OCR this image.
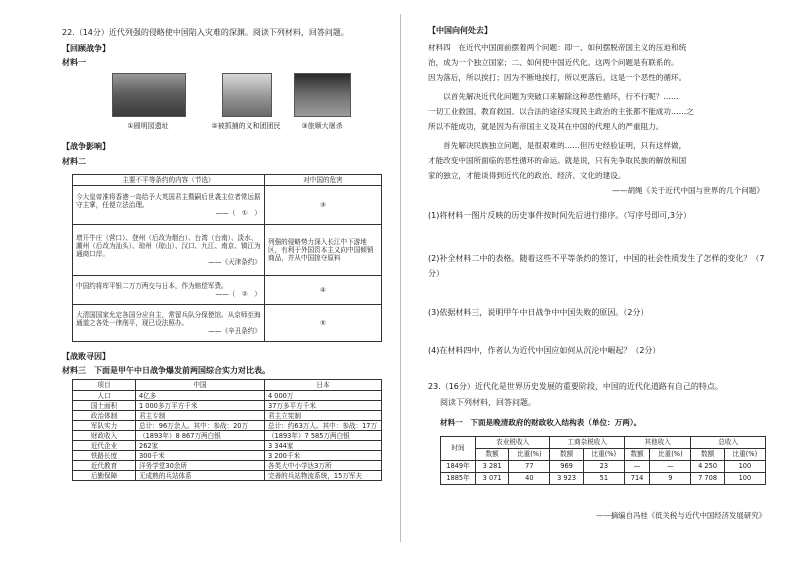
22.（14分）近代列强的侵略使中国陷入灾难的深渊。阅读下列材料，回答问题。
【回顾战争】
材料一
①圆明园遗址	②被抓捕的义和团团民	③旅顺大屠杀
【战争影响】
材料二
主要不平等条约的内容（节选）	对中国的危害
今大皇帝准将香港一岛给予大英国君主暨嗣后世袭主位者常远据守主掌，任便立法治理。
——（　①　）	③
增开牛庄（营口）、登州（后改为烟台）、台湾（台南）、淡水、潮州（后改为汕头）、琼州（琼山）、汉口、九江、南京、镇江为通商口岸。
——《天津条约》	列强的侵略势力深入长江中下游地区，有利于外国资本主义向中国倾销商品，并从中国掠夺原料
中国约将库平银二万万两交与日本，作为赔偿军费。
——（　②　）	④
大清国国家允定各国分应自主，常留兵队分保使馆。从京师至海通道之各处一律削平，现已设法照办。
——《辛丑条约》	⑤
【战败寻因】
材料三　下面是甲午中日战争爆发前两国综合实力对比表。
项目	中国	日本
人口	4亿多	4 000万
国土面积	1 000多万平方千米	37万多平方千米
政治体制	君主专制	君主立宪制
军队实力	总计：96万余人。其中：参战：20万	总计：约63万人。其中：参战：17万
财政收入	（1893年）8 867万两白银	（1893年）7 585万两白银
近代企业	262家	3 344家
铁路长度	300千米	3 200千米
近代教育	洋务学堂30余所	各类大中小学达3万所
后勤保障	无成熟的兵站体系	完善的兵站物流系统，15万军夫
【中国向何处去】
材料四　在近代中国面前摆着两个问题：即一、如何摆脱帝国主义的压迫和统
治，成为一个独立国家；二、如何使中国近代化。这两个问题是有联系的。
因为落后，所以挨打；因为不断地挨打，所以更落后。这是一个恶性的循环。
　　以首先解决近代化问题为突破口来解除这种恶性循环，行不行呢？……
一切工业救国、教育救国、以合法的途径实现民主政治的主张都不能成功……之
所以不能成功，就是因为有帝国主义及其在中国的代理人的严重阻力。
　　首先解决民族独立问题，是很艰难的……但历史经验证明，只有这样做，
才能改变中国所面临的恶性循环的命运。就是说，只有先争取民族的解放和国
家的独立，才能谈得到近代化的政治、经济、文化的建设。
——胡绳《关于近代中国与世界的几个问题》
(1)将材料一图片反映的历史事件按时间先后进行排序。（写序号即可,3分）
(2)补全材料二中的表格。随着这些不平等条约的签订，中国的社会性质发生了怎样的变化？（7分）
(3)依据材料三，说明甲午中日战争中中国失败的原因。（2分）
(4)在材料四中，作者认为近代中国应如何从沉沦中崛起？（2分）
23.（16分）近代化是世界历史发展的重要阶段，中国的近代化道路有自己的特点。
阅读下列材料，回答问题。
材料一　下面是晚清政府的财政收入结构表（单位：万两）。
时间	农业税收入		工商杂税收入		其他收入		总收入	
	数额	比重(%)	数额	比重(%)	数额	比重(%)	数额	比重(%)
1849年	3 281	77	969	23	—	—	4 250	100
1885年	3 071	40	3 923	51	714	9	7 708	100
——摘编自冯桂《低关税与近代中国经济发展研究》
